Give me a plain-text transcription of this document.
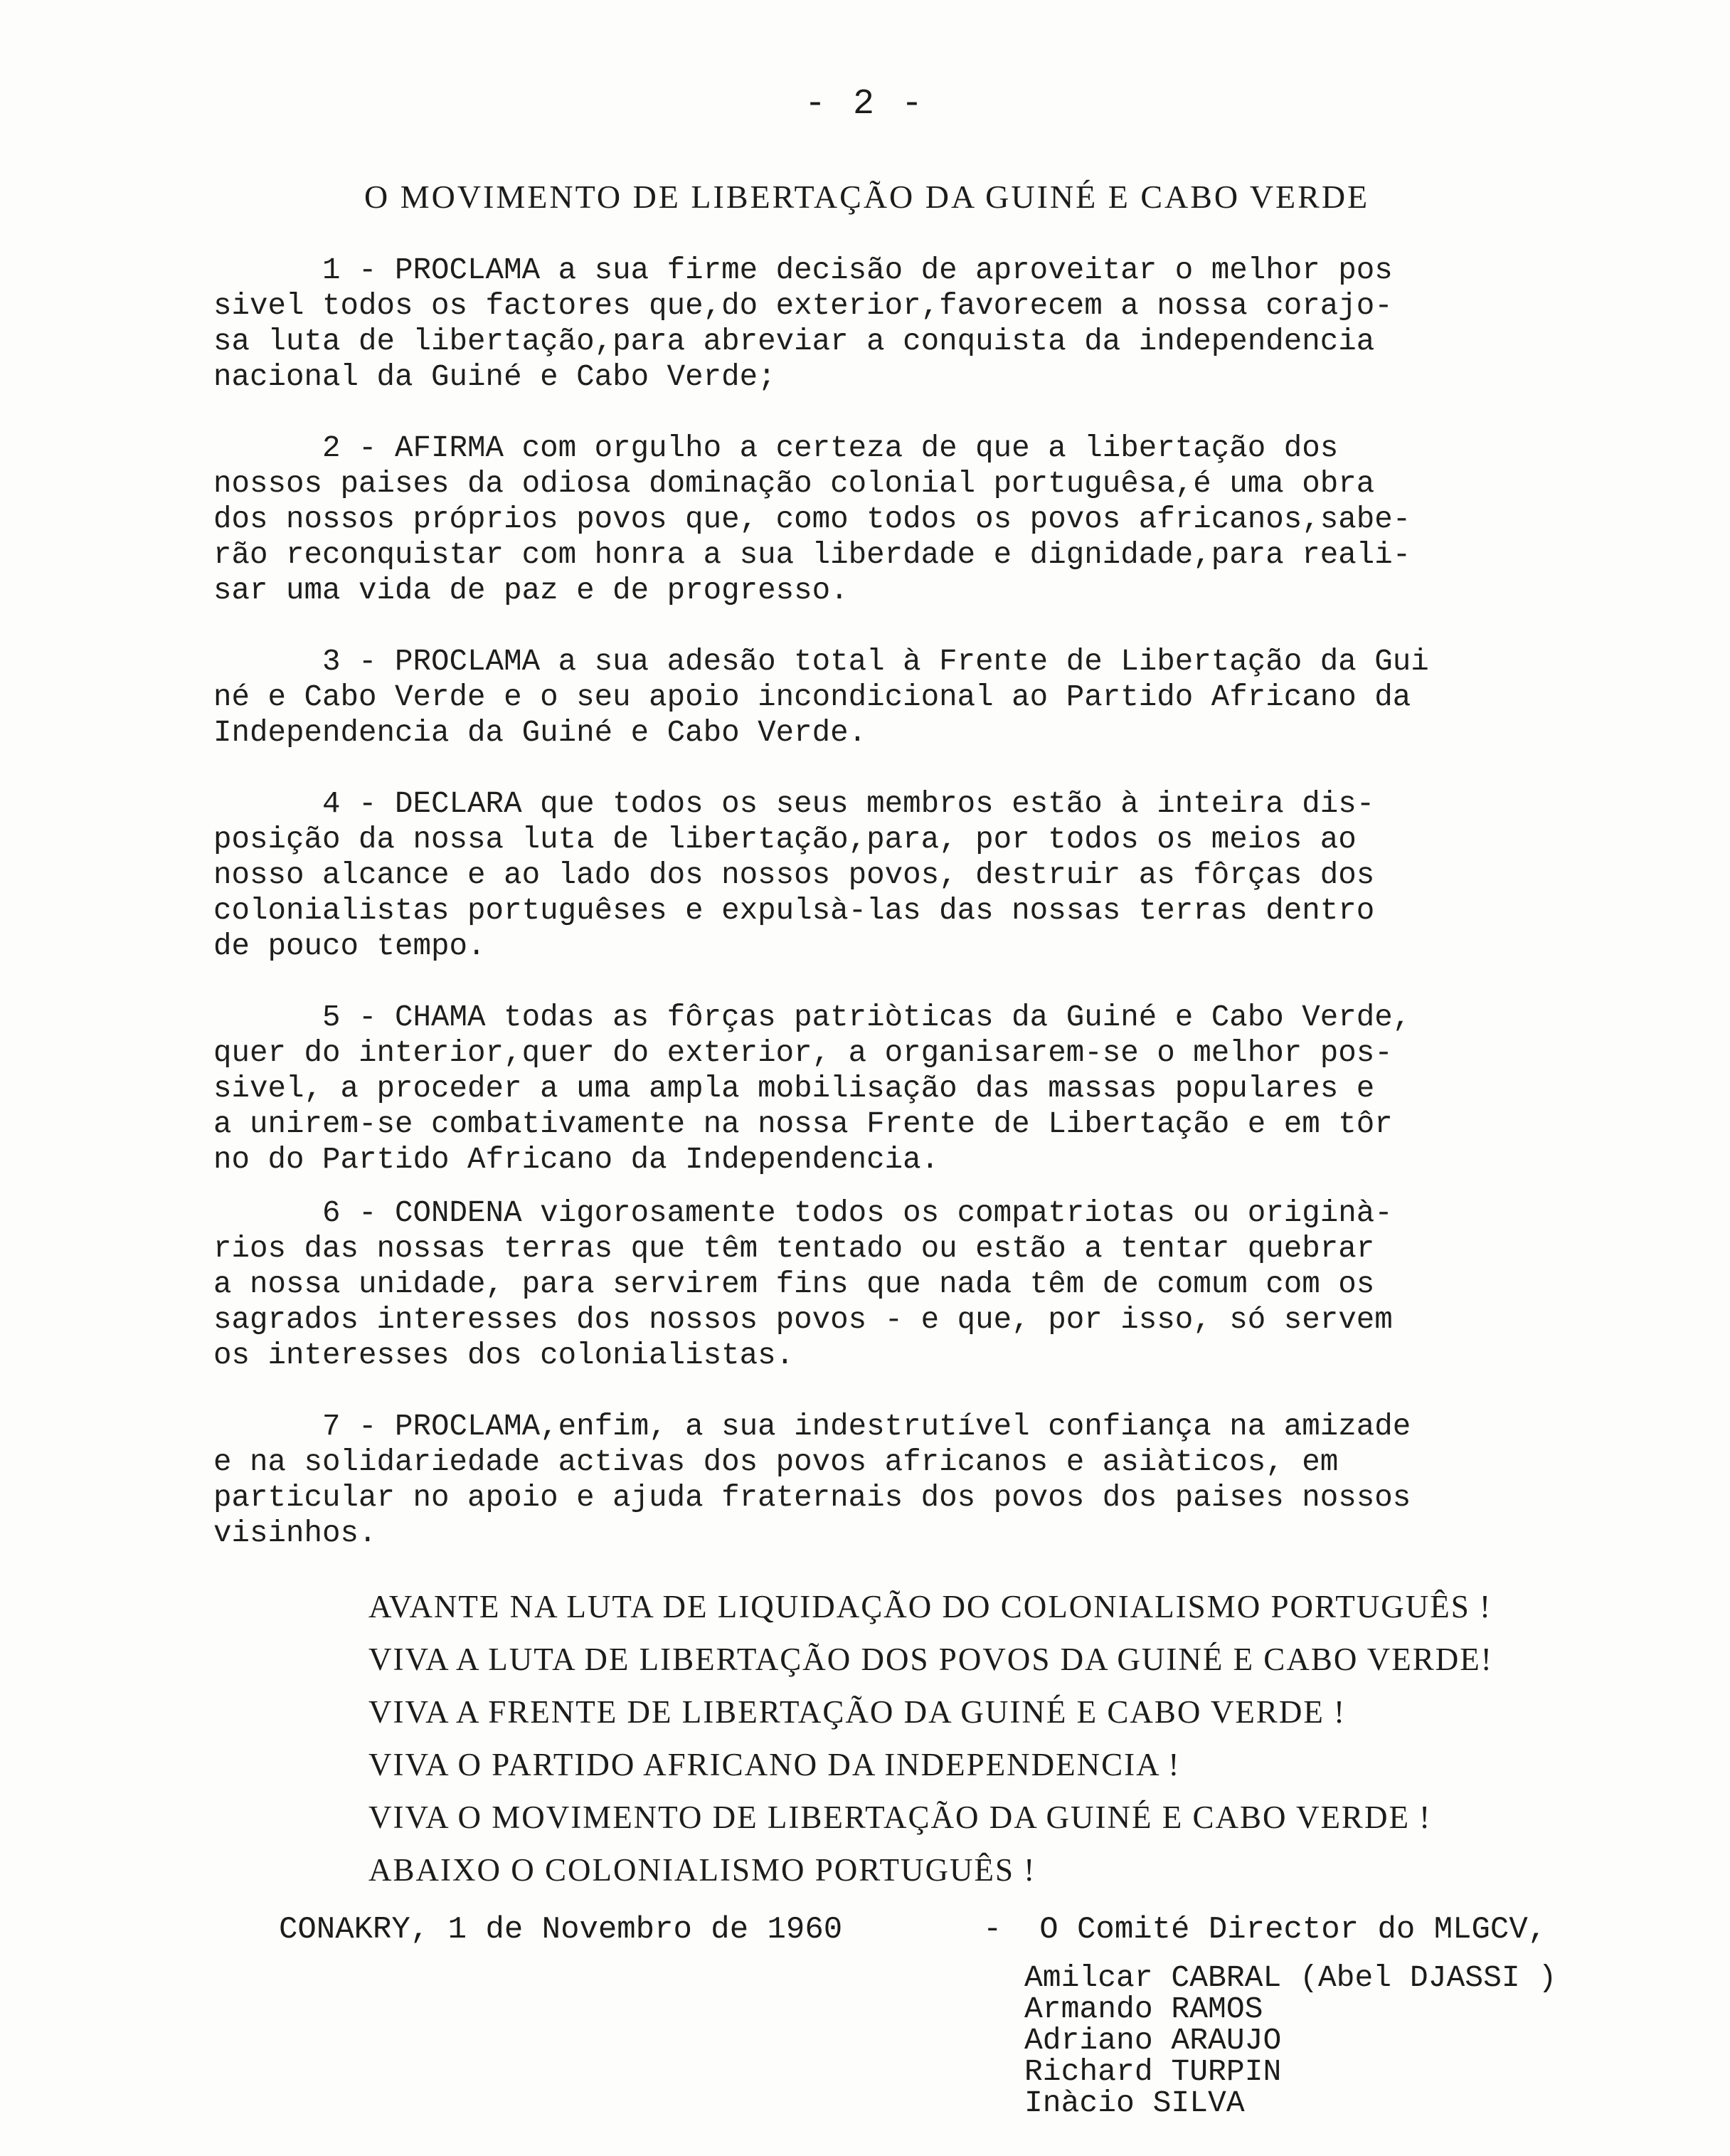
- 2 -
O MOVIMENTO DE LIBERTAÇÃO DA GUINÉ E CABO VERDE
1 - PROCLAMA a sua firme decisão de aproveitar o melhor pos
sivel todos os factores que,do exterior,favorecem a nossa corajo-
sa luta de libertação,para abreviar a conquista da independencia
nacional da Guiné e Cabo Verde;
2 - AFIRMA com orgulho a certeza de que a libertação dos
nossos paises da odiosa dominação colonial portuguêsa,é uma obra
dos nossos próprios povos que, como todos os povos africanos,sabe-
rão reconquistar com honra a sua liberdade e dignidade,para reali-
sar uma vida de paz e de progresso.
3 - PROCLAMA a sua adesão total à Frente de Libertação da Gui
né e Cabo Verde e o seu apoio incondicional ao Partido Africano da
Independencia da Guiné e Cabo Verde.
4 - DECLARA que todos os seus membros estão à inteira dis-
posição da nossa luta de libertação,para, por todos os meios ao
nosso alcance e ao lado dos nossos povos, destruir as fôrças dos
colonialistas portuguêses e expulsà-las das nossas terras dentro
de pouco tempo.
5 - CHAMA todas as fôrças patriòticas da Guiné e Cabo Verde,
quer do interior,quer do exterior, a organisarem-se o melhor pos-
sivel, a proceder a uma ampla mobilisação das massas populares e
a unirem-se combativamente na nossa Frente de Libertação e em tôr
no do Partido Africano da Independencia.
6 - CONDENA vigorosamente todos os compatriotas ou originà-
rios das nossas terras que têm tentado ou estão a tentar quebrar
a nossa unidade, para servirem fins que nada têm de comum com os
sagrados interesses dos nossos povos - e que, por isso, só servem
os interesses dos colonialistas.
7 - PROCLAMA,enfim, a sua indestrutível confiança na amizade
e na solidariedade activas dos povos africanos e asiàticos, em
particular no apoio e ajuda fraternais dos povos dos paises nossos
visinhos.
AVANTE NA LUTA DE LIQUIDAÇÃO DO COLONIALISMO PORTUGUÊS !
VIVA A LUTA DE LIBERTAÇÃO DOS POVOS DA GUINÉ E CABO VERDE!
VIVA A FRENTE DE LIBERTAÇÃO DA GUINÉ E CABO VERDE !
VIVA O PARTIDO AFRICANO DA INDEPENDENCIA !
VIVA O MOVIMENTO DE LIBERTAÇÃO DA GUINÉ E CABO VERDE !
ABAIXO O COLONIALISMO PORTUGUÊS !
CONAKRY, 1 de Novembro de 1960	-  O Comité Director do MLGCV,
Amilcar CABRAL (Abel DJASSI )
Armando RAMOS
Adriano ARAUJO
Richard TURPIN
Inàcio SILVA
